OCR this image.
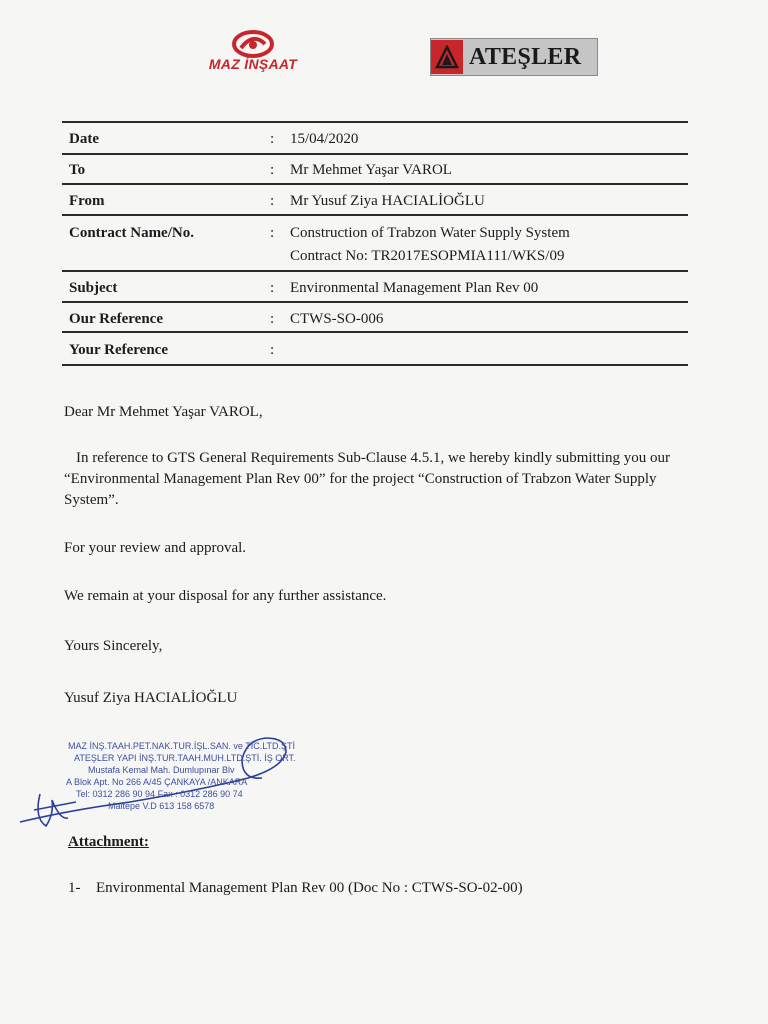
MAZ İNŞAAT	ATEŞLER
Date	: 15/04/2020
To	: Mr Mehmet Yaşar VAROL
From	: Mr Yusuf Ziya HACIALİOĞLU
Contract Name/No.	: Construction of Trabzon Water Supply System
Contract No: TR2017ESOPMIA111/WKS/09
Subject	: Environmental Management Plan Rev 00
Our Reference	: CTWS-SO-006
Your Reference	:
Dear Mr Mehmet Yaşar VAROL,
In reference to GTS General Requirements Sub-Clause 4.5.1, we hereby kindly submitting you our
“Environmental Management Plan Rev 00” for the project “Construction of Trabzon Water Supply
System”.
For your review and approval.
We remain at your disposal for any further assistance.
Yours Sincerely,
Yusuf Ziya HACIALİOĞLU
MAZ İNŞ.TAAH.PET.NAK.TUR.İŞL.SAN. ve TİC.LTD.ŞTİ
ATEŞLER YAPI İNŞ.TUR.TAAH.MUH.LTD.ŞTİ. İŞ ORT.
Mustafa Kemal Mah. Dumlupınar Blv
A Blok Apt. No 266 A/45 ÇANKAYA /ANKARA
Tel: 0312 286 90 94 Fax : 0312 286 90 74
Maltepe V.D 613 158 6578
Attachment:
1- Environmental Management Plan Rev 00 (Doc No : CTWS-SO-02-00)
